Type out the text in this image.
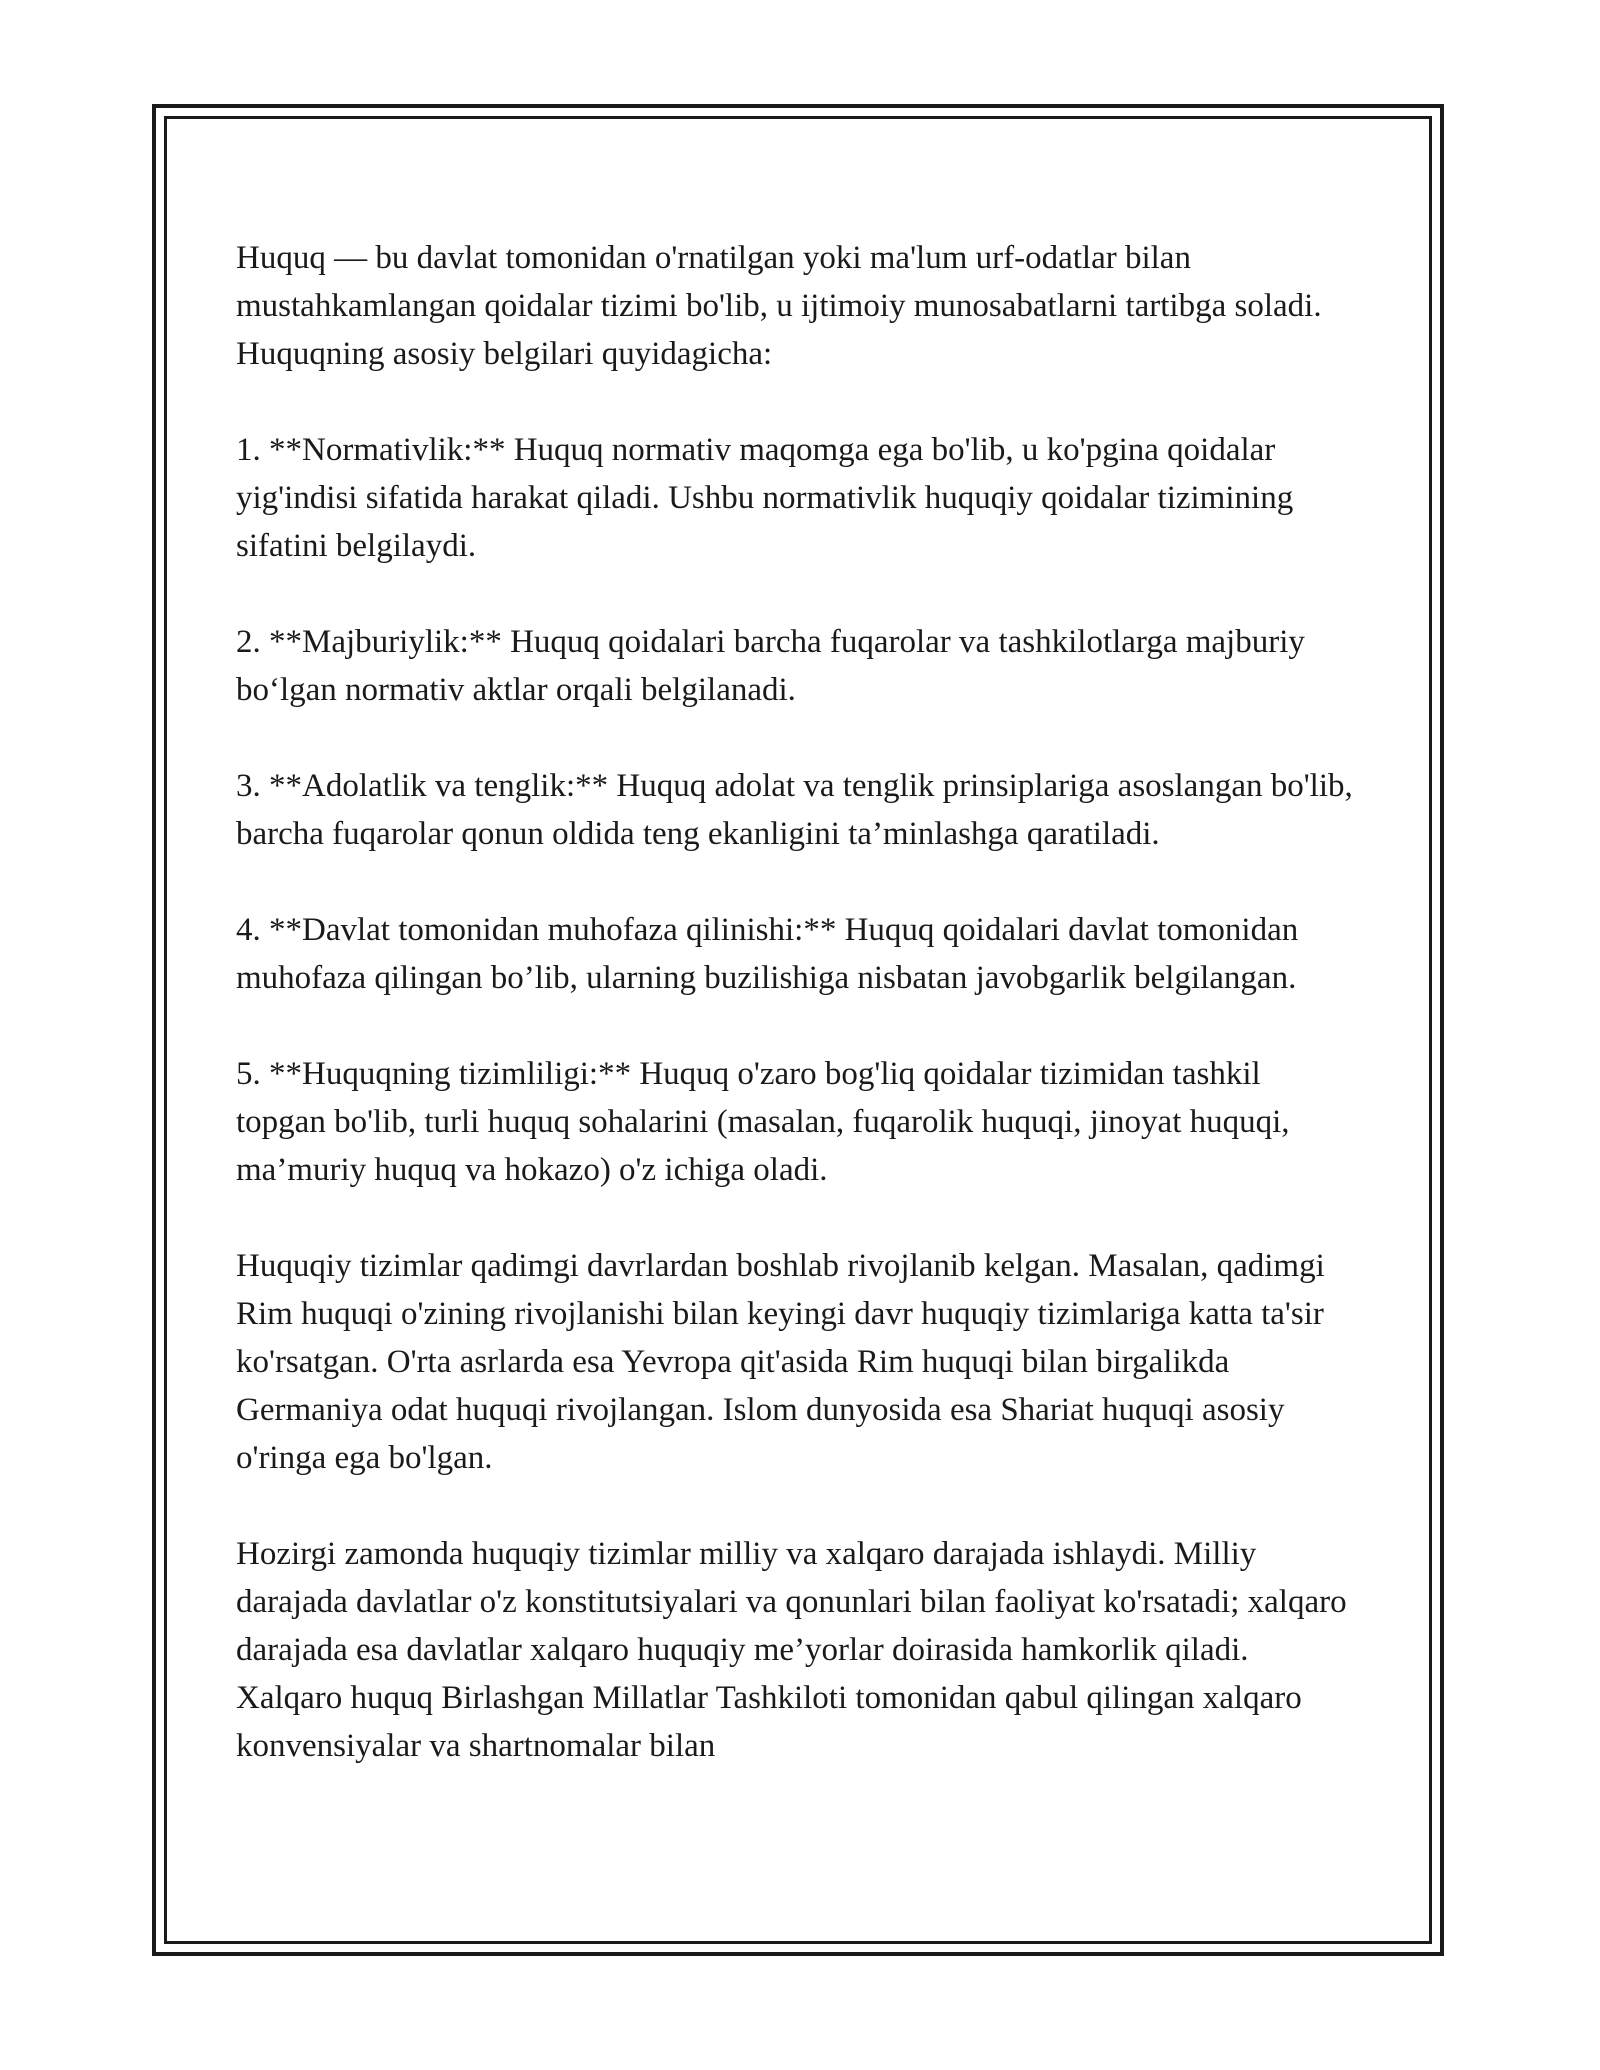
Huquq — bu davlat tomonidan o'rnatilgan yoki ma'lum urf-odatlar bilan mustahkamlangan qoidalar tizimi bo'lib, u ijtimoiy munosabatlarni tartibga soladi. Huquqning asosiy belgilari quyidagicha:

1. **Normativlik:** Huquq normativ maqomga ega bo'lib, u ko'pgina qoidalar yig'indisi sifatida harakat qiladi. Ushbu normativlik huquqiy qoidalar tizimining sifatini belgilaydi.

2. **Majburiylik:** Huquq qoidalari barcha fuqarolar va tashkilotlarga majburiy bo‘lgan normativ aktlar orqali belgilanadi.

3. **Adolatlik va tenglik:** Huquq adolat va tenglik prinsiplariga asoslangan bo'lib, barcha fuqarolar qonun oldida teng ekanligini ta’minlashga qaratiladi.

4. **Davlat tomonidan muhofaza qilinishi:** Huquq qoidalari davlat tomonidan muhofaza qilingan bo’lib, ularning buzilishiga nisbatan javobgarlik belgilangan.

5. **Huquqning tizimliligi:** Huquq o'zaro bog'liq qoidalar tizimidan tashkil topgan bo'lib, turli huquq sohalarini (masalan, fuqarolik huquqi, jinoyat huquqi, ma’muriy huquq va hokazo) o'z ichiga oladi.

Huquqiy tizimlar qadimgi davrlardan boshlab rivojlanib kelgan. Masalan, qadimgi Rim huquqi o'zining rivojlanishi bilan keyingi davr huquqiy tizimlariga katta ta'sir ko'rsatgan. O'rta asrlarda esa Yevropa qit'asida Rim huquqi bilan birgalikda Germaniya odat huquqi rivojlangan. Islom dunyosida esa Shariat huquqi asosiy o'ringa ega bo'lgan.

Hozirgi zamonda huquqiy tizimlar milliy va xalqaro darajada ishlaydi. Milliy darajada davlatlar o'z konstitutsiyalari va qonunlari bilan faoliyat ko'rsatadi; xalqaro darajada esa davlatlar xalqaro huquqiy me’yorlar doirasida hamkorlik qiladi. Xalqaro huquq Birlashgan Millatlar Tashkiloti tomonidan qabul qilingan xalqaro konvensiyalar va shartnomalar bilan
